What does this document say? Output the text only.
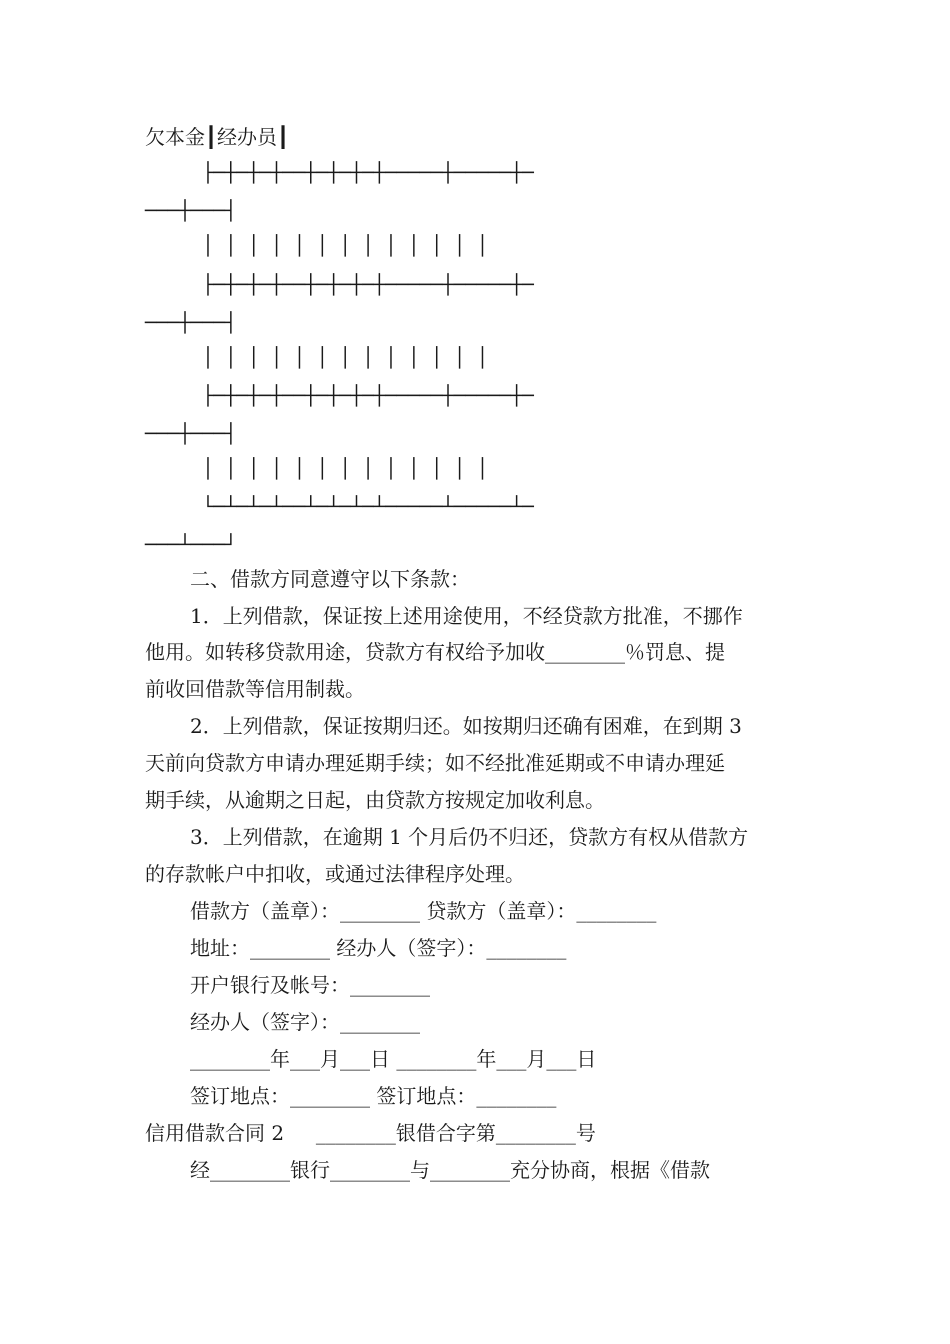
欠本金┃经办员┃
├─┼─┼─┼──┼─┼─┼─┼─────┼─────┼─
───┼───┤
│ │ │ │ │ │ │ │ │ │ │ │ │
├─┼─┼─┼──┼─┼─┼─┼─────┼─────┼─
───┼───┤
│ │ │ │ │ │ │ │ │ │ │ │ │
├─┼─┼─┼──┼─┼─┼─┼─────┼─────┼─
───┼───┤
│ │ │ │ │ │ │ │ │ │ │ │ │
└─┴─┴─┴──┴─┴─┴─┴─────┴─────┴─
───┴───┘
二、借款方同意遵守以下条款：
1．上列借款，保证按上述用途使用，不经贷款方批准，不挪作
他用。如转移贷款用途，贷款方有权给予加收________％罚息、提
前收回借款等信用制裁。
2．上列借款，保证按期归还。如按期归还确有困难，在到期 3
天前向贷款方申请办理延期手续；如不经批准延期或不申请办理延
期手续，从逾期之日起，由贷款方按规定加收利息。
3．上列借款，在逾期 1 个月后仍不归还，贷款方有权从借款方
的存款帐户中扣收，或通过法律程序处理。
借款方（盖章）：________ 贷款方（盖章）：________
地址：________ 经办人（签字）：________
开户银行及帐号：________
经办人（签字）：________
________年___月___日 ________年___月___日
签订地点：________ 签订地点：________
信用借款合同 2     ________银借合字第________号
经________银行________与________充分协商，根据《借款
